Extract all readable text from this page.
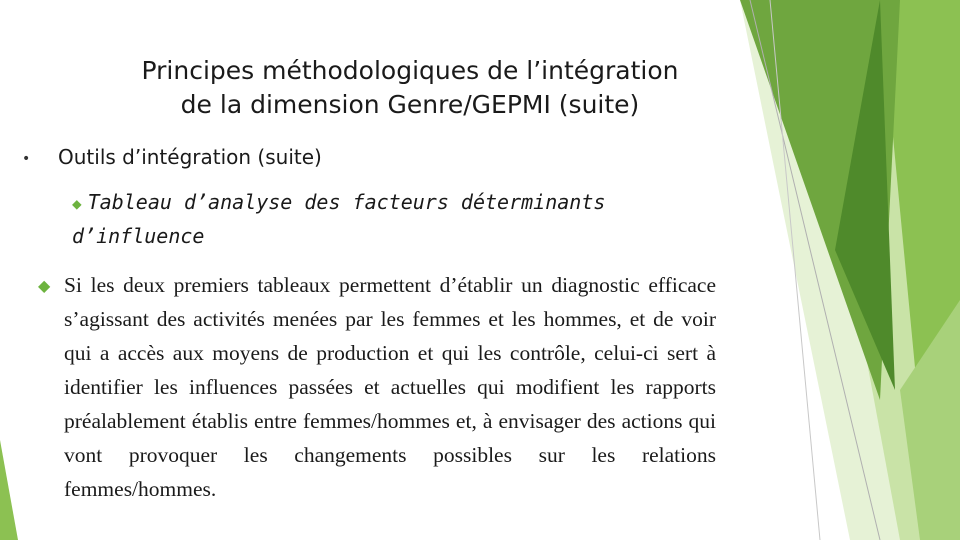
Principes méthodologiques de l’intégration
de la dimension Genre/GEPMI (suite)
• Outils d’intégration (suite)
◆ Tableau d’analyse des facteurs déterminants d’influence
◆ Si les deux premiers tableaux permettent d’établir un diagnostic efficace s’agissant des activités menées par les femmes et les hommes, et de voir qui a accès aux moyens de production et qui les contrôle, celui-ci sert à identifier les influences passées et actuelles qui modifient les rapports préalablement établis entre femmes/hommes et, à envisager des actions qui vont provoquer les changements possibles sur les relations femmes/hommes.
